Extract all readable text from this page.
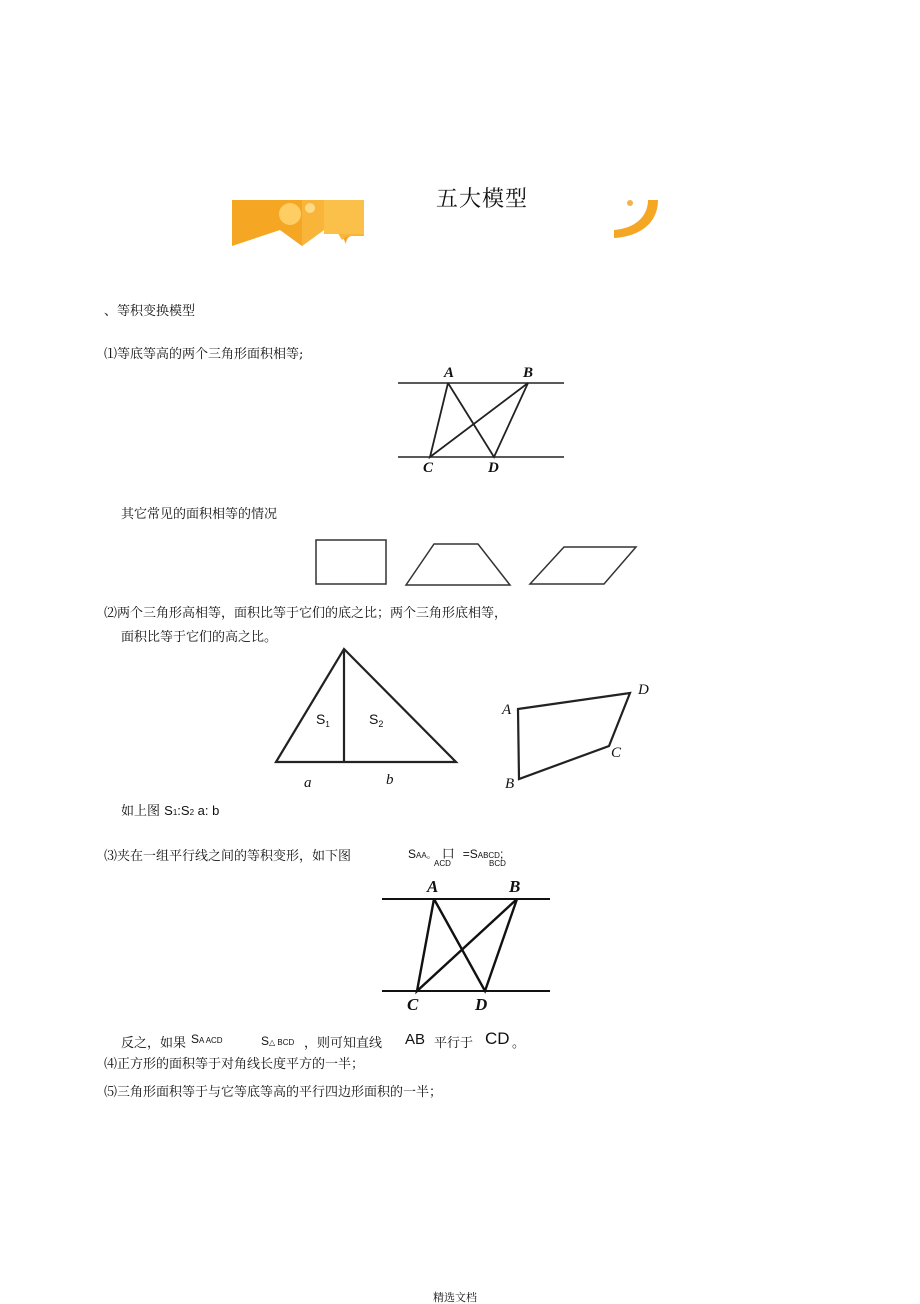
五大模型
、等积变换模型
⑴等底等高的两个三角形面积相等;
A	B
C	D
其它常见的面积相等的情况
⑵两个三角形高相等，面积比等于它们的底之比；两个三角形底相等，
面积比等于它们的高之比。
$S_1$	$S_2$
a	b
A
B
C
D
如上图 S1:S2 a: b
⑶夹在一组平行线之间的等积变形，如下图	SAA。 口 =SABCD;
ACD	BCD
A	B
C	D
反之，如果 SA ACD	S△ BCD ，则可知直线 AB 平行于 CD 。
⑷正方形的面积等于对角线长度平方的一半；
⑸三角形面积等于与它等底等高的平行四边形面积的一半；
精选文档
